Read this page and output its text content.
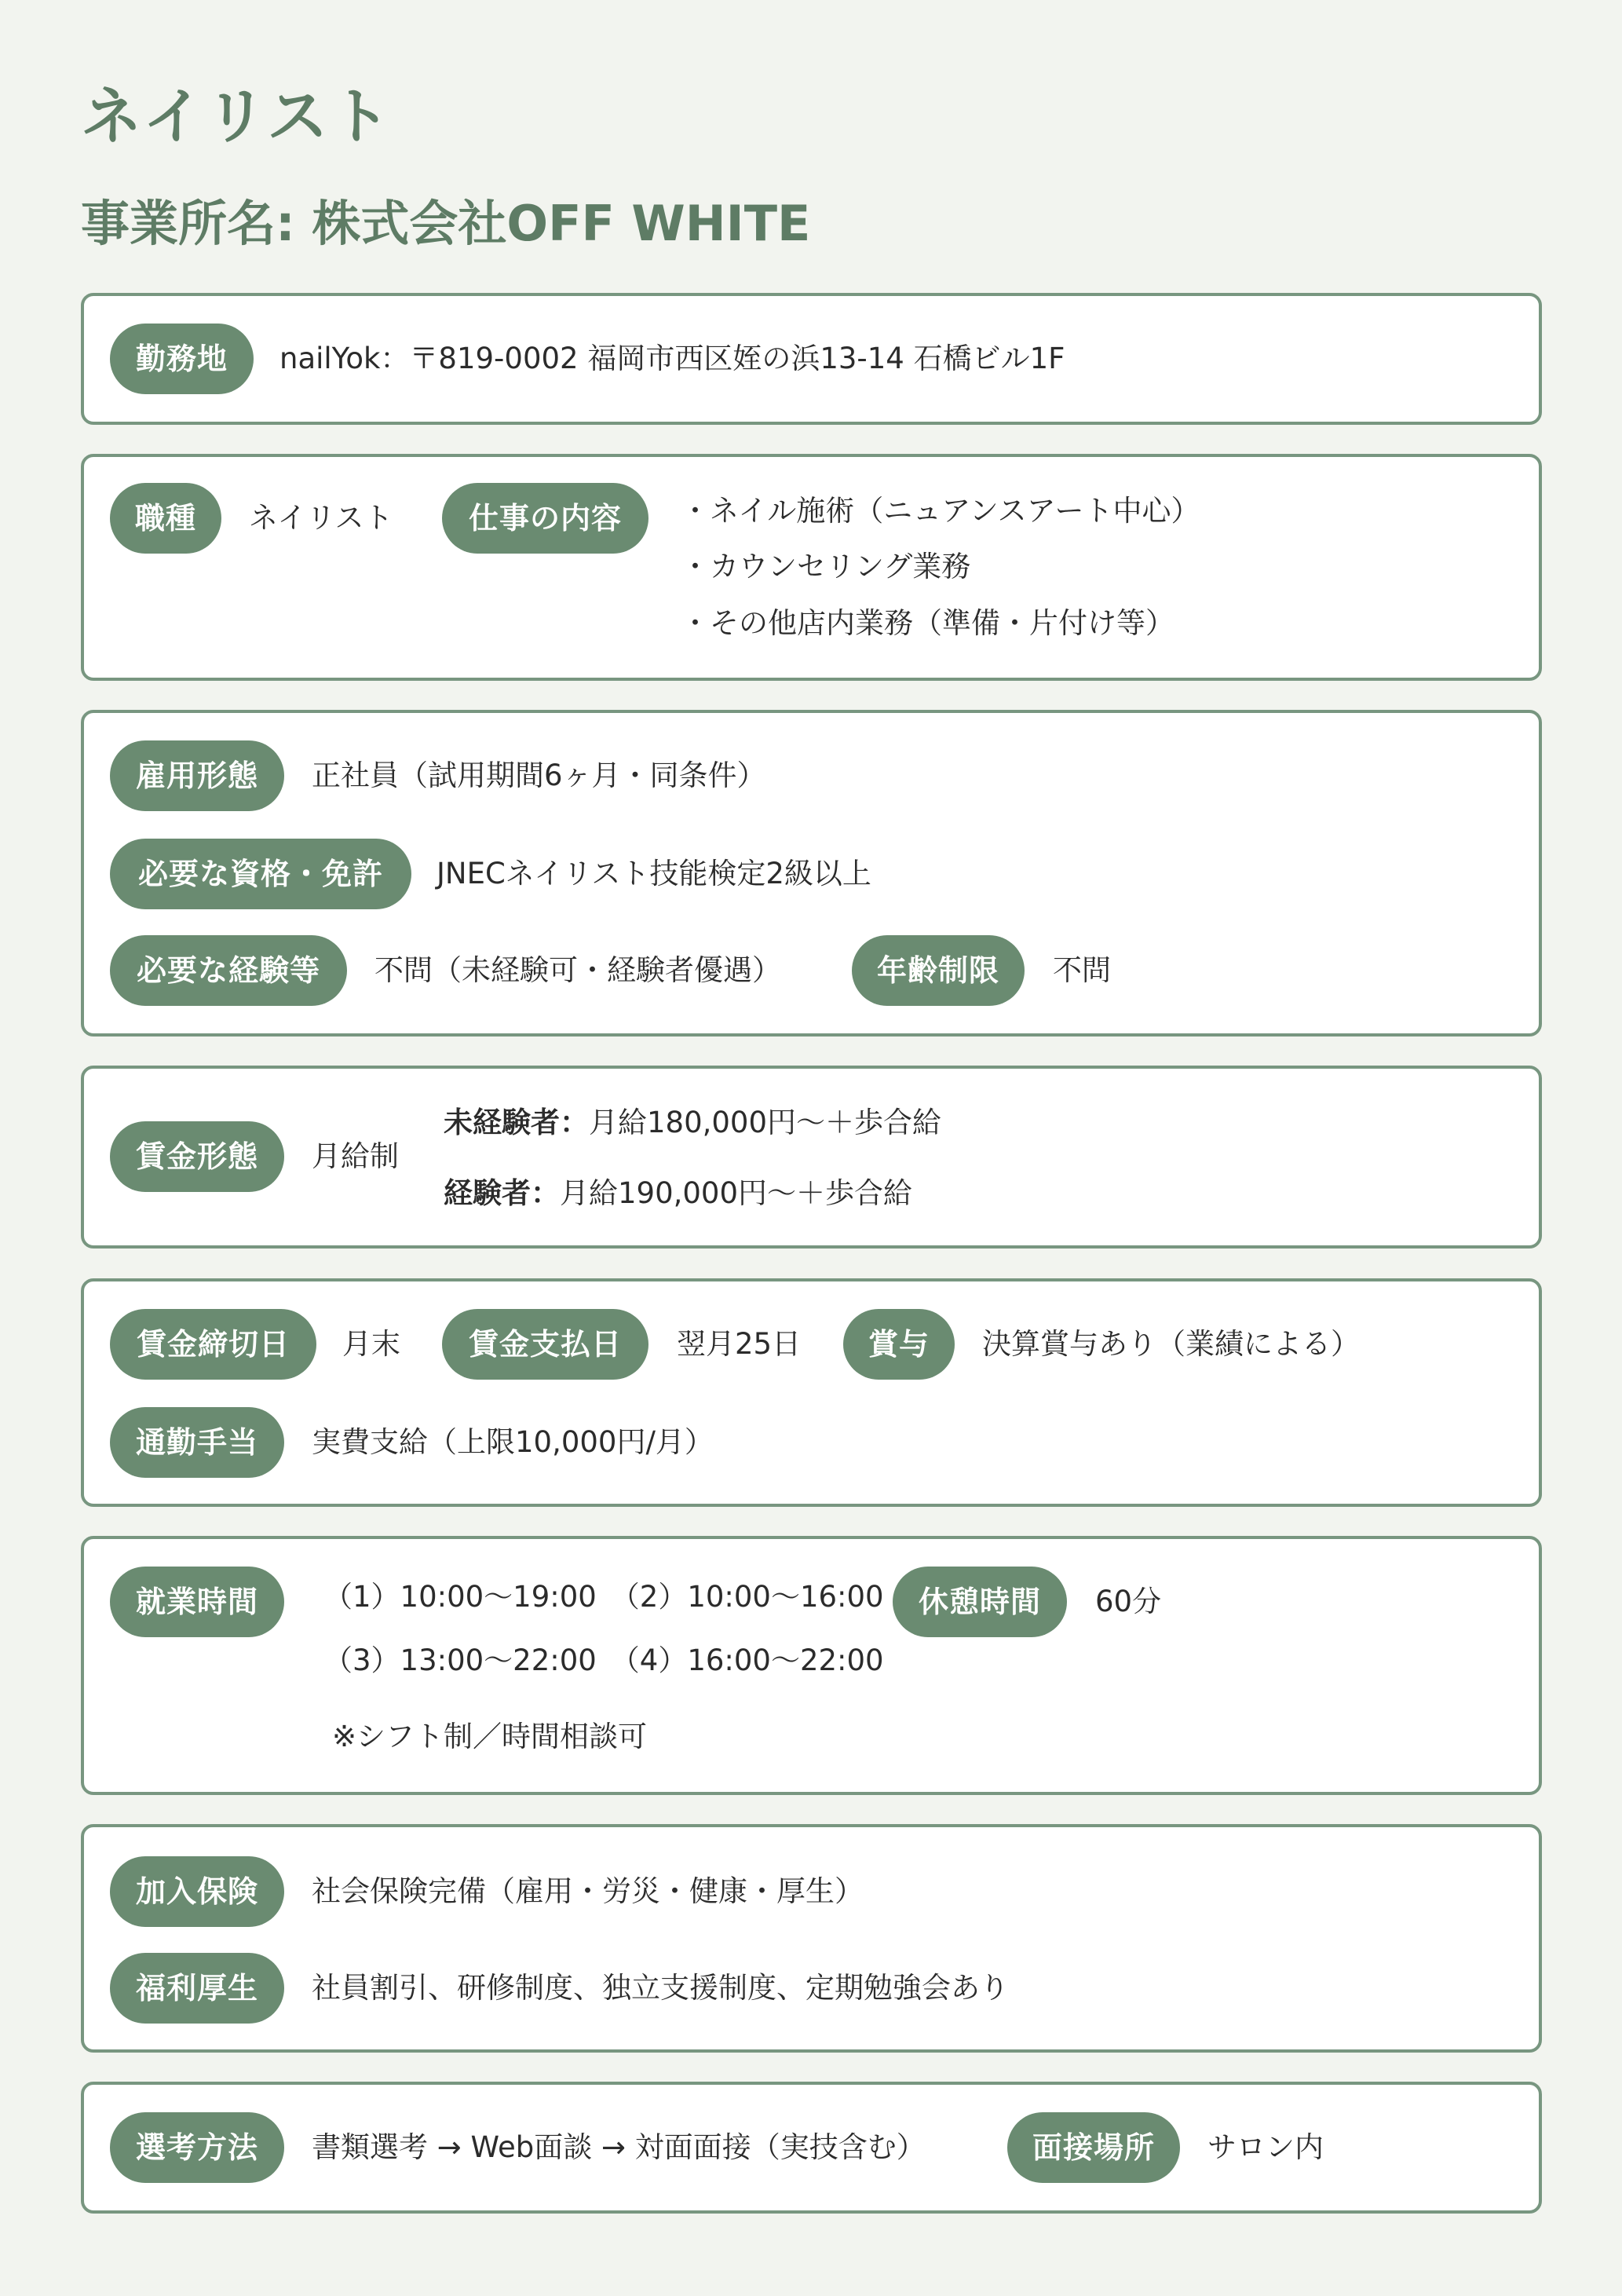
ネイリスト
事業所名: 株式会社OFF WHITE
勤務地	nailYok：〒819-0002 福岡市西区姪の浜13-14 石橋ビル1F
職種	ネイリスト	仕事の内容	・ネイル施術（ニュアンスアート中心）
・カウンセリング業務
・その他店内業務（準備・片付け等）
雇用形態	正社員（試用期間6ヶ月・同条件）
必要な資格・免許	JNECネイリスト技能検定2級以上
必要な経験等	不問（未経験可・経験者優遇）	年齢制限	不問
賃金形態	月給制
未経験者：月給180,000円〜＋歩合給
経験者：月給190,000円〜＋歩合給
賃金締切日	月末	賃金支払日	翌月25日	賞与	決算賞与あり（業績による）
通勤手当	実費支給（上限10,000円/月）
就業時間	（1）10:00〜19:00 （2）10:00〜16:00
（3）13:00〜22:00 （4）16:00〜22:00
※シフト制／時間相談可
休憩時間	60分
加入保険	社会保険完備（雇用・労災・健康・厚生）
福利厚生	社員割引、研修制度、独立支援制度、定期勉強会あり
選考方法	書類選考 → Web面談 → 対面面接（実技含む）	面接場所	サロン内
